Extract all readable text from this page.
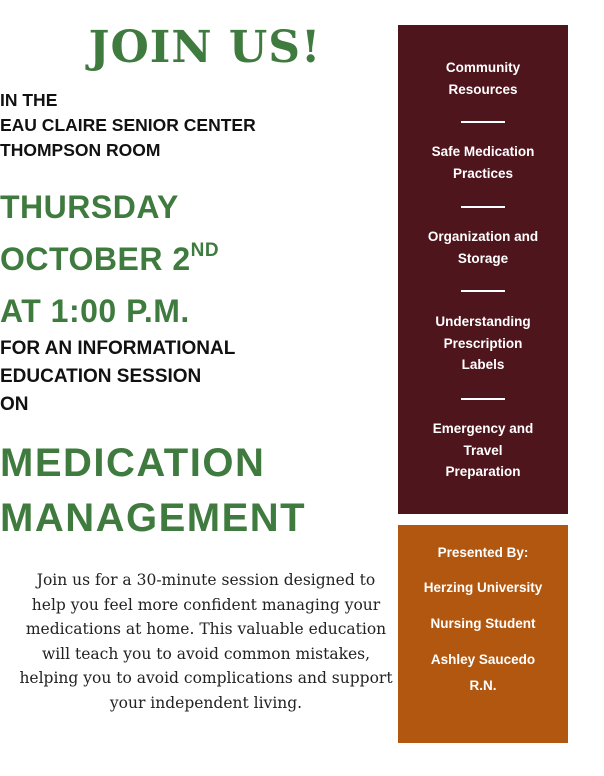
JOIN US!
IN THE
EAU CLAIRE SENIOR CENTER
THOMPSON ROOM
THURSDAY
OCTOBER 2ND
AT 1:00 P.M.
FOR AN INFORMATIONAL
EDUCATION SESSION
ON
MEDICATION
MANAGEMENT
Join us for a 30-minute session designed to help you feel more confident managing your medications at home. This valuable education will teach you to avoid common mistakes, helping you to avoid complications and support your independent living.
Community
Resources
Safe Medication
Practices
Organization and
Storage
Understanding
Prescription
Labels
Emergency and
Travel
Preparation
Presented By:
Herzing University
Nursing Student
Ashley Saucedo
R.N.
